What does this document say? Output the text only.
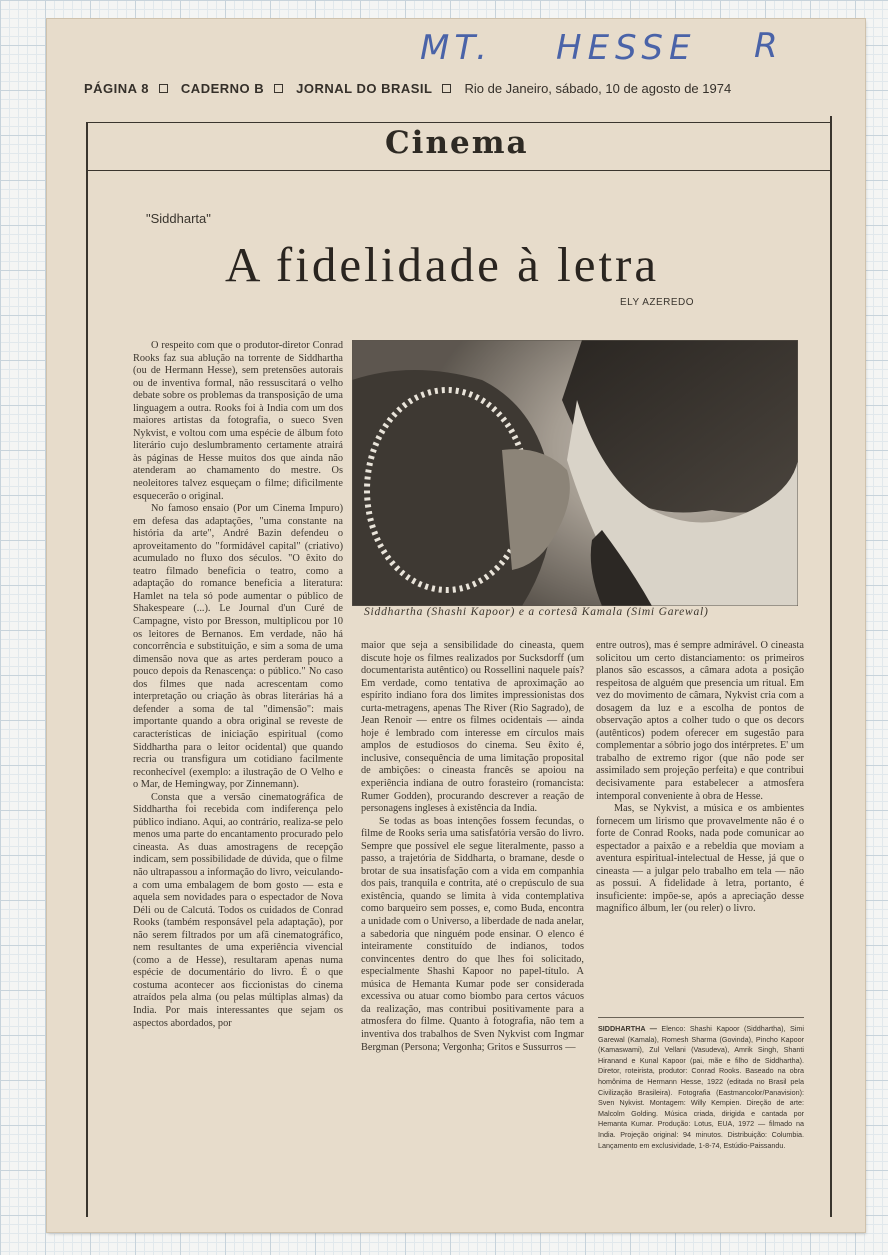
MT. HESSE R
PÁGINA 8 CADERNO B JORNAL DO BRASIL Rio de Janeiro, sábado, 10 de agosto de 1974
Cinema
"Siddharta"
A fidelidade à letra
ELY AZEREDO

O respeito com que o produtor-diretor Conrad Rooks faz sua ablução na torrente de Siddhartha (ou de Hermann Hesse), sem pretensões autorais ou de inventiva formal, não ressuscitará o velho debate sobre os problemas da transposição de uma linguagem a outra. Rooks foi à India com um dos maiores artistas da fotografia, o sueco Sven Nykvist, e voltou com uma espécie de álbum foto literário cujo deslumbramento certamente atrairá às páginas de Hesse muitos dos que ainda não atenderam ao chamamento do mestre. Os neoleitores talvez esqueçam o filme; dificilmente esquecerão o original.

No famoso ensaio (Por um Cinema Impuro) em defesa das adaptações, "uma constante na história da arte", André Bazin defendeu o aproveitamento do "formidável capital" (criativo) acumulado no fluxo dos séculos. "O êxito do teatro filmado beneficia o teatro, como a adaptação do romance beneficia a literatura: Hamlet na tela só pode aumentar o público de Shakespeare (...). Le Journal d'un Curé de Campagne, visto por Bresson, multiplicou por 10 os leitores de Bernanos. Em verdade, não há concorrência e substituição, e sim a soma de uma dimensão nova que as artes perderam pouco a pouco depois da Renascença: o público." No caso dos filmes que nada acrescentam como interpretação ou criação às obras literárias há a defender a soma de tal "dimensão": mais importante quando a obra original se reveste de características de iniciação espiritual (como Siddhartha para o leitor ocidental) que quando recria ou transfigura um cotidiano facilmente reconhecível (exemplo: a ilustração de O Velho e o Mar, de Hemingway, por Zinnemann).

Consta que a versão cinematográfica de Siddhartha foi recebida com indiferença pelo público indiano. Aqui, ao contrário, realiza-se pelo menos uma parte do encantamento procurado pelo cineasta. As duas amostragens de recepção indicam, sem possibilidade de dúvida, que o filme não ultrapassou a informação do livro, veiculando-a com uma embalagem de bom gosto — esta e aquela sem novidades para o espectador de Nova Déli ou de Calcutá. Todos os cuidados de Conrad Rooks (também responsável pela adaptação), por não serem filtrados por um afã cinematográfico, nem resultantes de uma experiência vivencial (como a de Hesse), resultaram apenas numa espécie de documentário do livro. É o que costuma acontecer aos ficcionistas do cinema atraídos pela alma (ou pelas múltiplas almas) da India. Por mais interessantes que sejam os aspectos abordados, por

Siddhartha (Shashi Kapoor) e a cortesã Kamala (Simi Garewal)

maior que seja a sensibilidade do cineasta, quem discute hoje os filmes realizados por Sucksdorff (um documentarista autêntico) ou Rossellini naquele país? Em verdade, como tentativa de aproximação ao espírito indiano fora dos limites impressionistas dos curta-metragens, apenas The River (Rio Sagrado), de Jean Renoir — entre os filmes ocidentais — ainda hoje é lembrado com interesse em círculos mais amplos de estudiosos do cinema. Seu êxito é, inclusive, consequência de uma limitação proposital de ambições: o cineasta francês se apoiou na experiência indiana de outro forasteiro (romancista: Rumer Godden), procurando descrever a reação de personagens ingleses à existência da India.

Se todas as boas intenções fossem fecundas, o filme de Rooks seria uma satisfatória versão do livro. Sempre que possível ele segue literalmente, passo a passo, a trajetória de Siddharta, o bramane, desde o brotar de sua insatisfação com a vida em companhia dos pais, tranquila e contrita, até o crepúsculo de sua existência, quando se limita à vida contemplativa como barqueiro sem posses, e, como Buda, encontra a unidade com o Universo, a liberdade de nada anelar, a sabedoria que ninguém pode ensinar. O elenco é inteiramente constituído de indianos, todos convincentes dentro do que lhes foi solicitado, especialmente Shashi Kapoor no papel-título. A música de Hemanta Kumar pode ser considerada excessiva ou atuar como biombo para certos vácuos da realização, mas contribui positivamente para a atmosfera do filme. Quanto à fotografia, não tem a inventiva dos trabalhos de Sven Nykvist com Ingmar Bergman (Persona; Vergonha; Gritos e Sussurros —

entre outros), mas é sempre admirável. O cineasta solicitou um certo distanciamento: os primeiros planos são escassos, a câmara adota a posição respeitosa de alguém que presencia um ritual. Em vez do movimento de câmara, Nykvist cria com a dosagem da luz e a escolha de pontos de observação aptos a colher tudo o que os decors (autênticos) podem oferecer em sugestão para complementar a sóbrio jogo dos intérpretes. E' um trabalho de extremo rigor (que não pode ser assimilado sem projeção perfeita) e que contribui decisivamente para estabelecer a atmosfera intemporal conveniente à obra de Hesse.

Mas, se Nykvist, a música e os ambientes fornecem um lirismo que provavelmente não é o forte de Conrad Rooks, nada pode comunicar ao espectador a paixão e a rebeldia que moviam a aventura espiritual-intelectual de Hesse, já que o cineasta — a julgar pelo trabalho em tela — não as possui. A fidelidade à letra, portanto, é insuficiente: impõe-se, após a apreciação desse magnífico álbum, ler (ou reler) o livro.

SIDDHARTHA — Elenco: Shashi Kapoor (Siddhartha), Simi Garewal (Kamala), Romesh Sharma (Govinda), Pincho Kapoor (Kamaswami), Zul Vellani (Vasudeva), Amrik Singh, Shanti Hiranand e Kunal Kapoor (pai, mãe e filho de Siddhartha). Diretor, roteirista, produtor: Conrad Rooks. Baseado na obra homônima de Hermann Hesse, 1922 (editada no Brasil pela Civilização Brasileira). Fotografia (Eastmancolor/Panavision): Sven Nykvist. Montagem: Willy Kempien. Direção de arte: Malcolm Golding. Música criada, dirigida e cantada por Hemanta Kumar. Produção: Lotus, EUA, 1972 — filmado na India. Projeção original: 94 minutos. Distribuição: Columbia. Lançamento em exclusividade, 1-8-74, Estúdio-Paissandu.
